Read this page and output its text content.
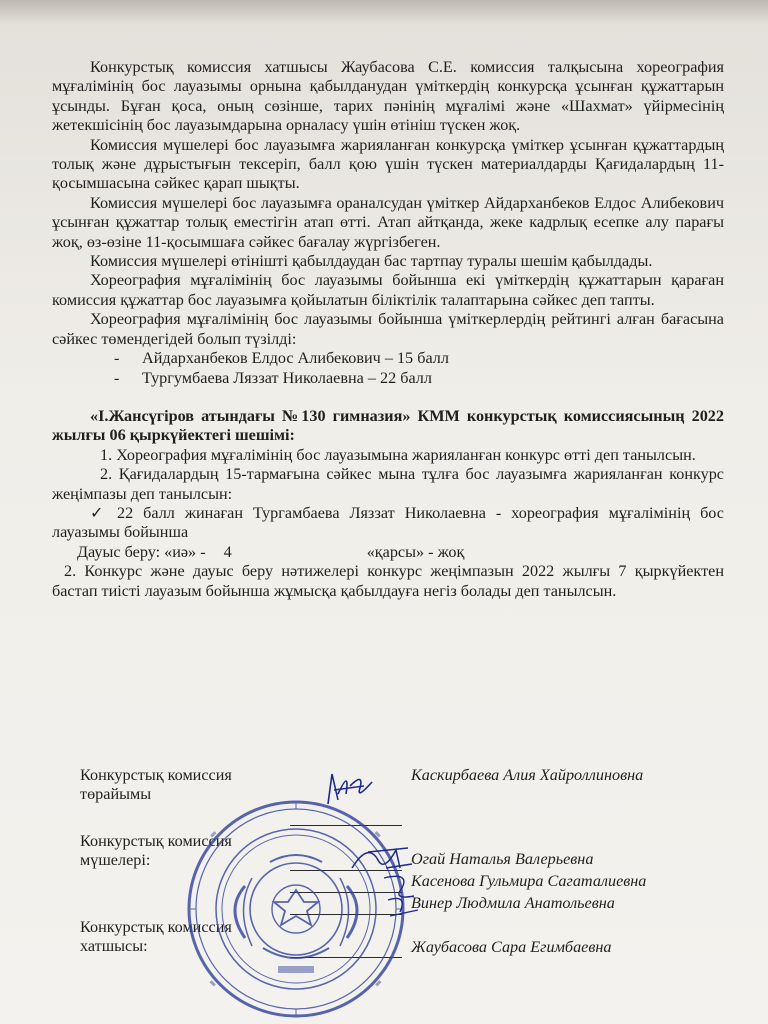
Конкурстық комиссия хатшысы Жаубасова С.Е. комиссия талқысына хореография мұғалімінің бос лауазымы орнына қабылданудан үміткердің конкурсқа ұсынған құжаттарын ұсынды. Бұған қоса, оның сөзінше, тарих пәнінің мұғалімі және «Шахмат» үйірмесінің жетекшісінің бос лауазымдарына орналасу үшін өтініш түскен жоқ.

Комиссия мүшелері бос лауазымға жарияланған конкурсқа үміткер ұсынған құжаттардың толық және дұрыстығын тексеріп, балл қою үшін түскен материалдарды Қағидалардың 11-қосымшасына сәйкес қарап шықты.

Комиссия мүшелері бос лауазымға ораналсудан үміткер Айдарханбеков Елдос Алибекович ұсынған құжаттар толық еместігін атап өтті. Атап айтқанда, жеке кадрлық есепке алу парағы жоқ, өз-өзіне 11-қосымшаға сәйкес бағалау жүргізбеген.

Комиссия мүшелері өтінішті қабылдаудан бас тартпау туралы шешім қабылдады.

Хореография мұғалімінің бос лауазымы бойынша екі үміткердің құжаттарын қараған комиссия құжаттар бос лауазымға қойылатын біліктілік талаптарына сәйкес деп тапты.

Хореография мұғалімінің бос лауазымы бойынша үміткерлердің рейтингі алған бағасына сәйкес төмендегідей болып түзілді:

- Айдарханбеков Елдос Алибекович – 15 балл

- Тургумбаева Ляззат Николаевна – 22 балл

«І.Жансүгіров атындағы №130 гимназия» КММ конкурстық комиссиясының 2022 жылғы 06 қыркүйектегі шешімі:

1. Хореография мұғалімінің бос лауазымына жарияланған конкурс өтті деп танылсын.

2. Қағидалардың 15-тармағына сәйкес мына тұлға бос лауазымға жарияланған конкурс жеңімпазы деп танылсын:

✓ 22 балл жинаған Тургамбаева Ляззат Николаевна - хореография мұғалімінің бос лауазымы бойынша

Дауыс беру: «иә» - 4	«қарсы» - жоқ

2. Конкурс және дауыс беру нәтижелері конкурс жеңімпазын 2022 жылғы 7 қыркүйектен бастап тиісті лауазым бойынша жұмысқа қабылдауға негіз болады деп танылсын.

Конкурстық комиссия
төрайымы
Каскирбаева Алия Хайроллиновна
Конкурстық комиссия
мүшелері:	Огай Наталья Валерьевна
Касенова Гульмира Сагаталиевна
Винер Людмила Анатольевна
Конкурстық комиссия
хатшысы:	Жаубасова Сара Егимбаевна
